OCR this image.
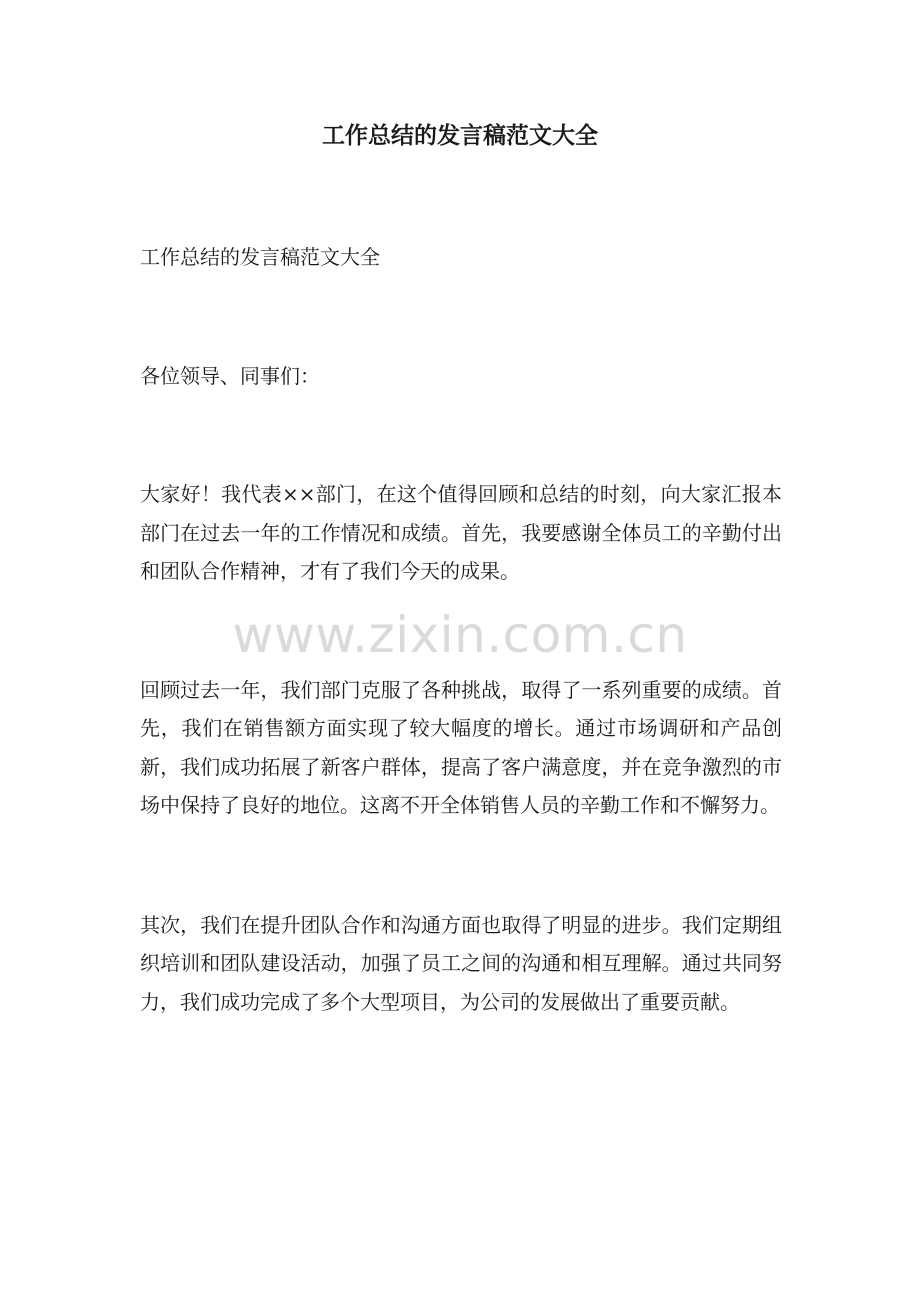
工作总结的发言稿范文大全

工作总结的发言稿范文大全

各位领导、同事们：

大家好！我代表××部门，在这个值得回顾和总结的时刻，向大家汇报本部门在过去一年的工作情况和成绩。首先，我要感谢全体员工的辛勤付出和团队合作精神，才有了我们今天的成果。

回顾过去一年，我们部门克服了各种挑战，取得了一系列重要的成绩。首先，我们在销售额方面实现了较大幅度的增长。通过市场调研和产品创新，我们成功拓展了新客户群体，提高了客户满意度，并在竞争激烈的市场中保持了良好的地位。这离不开全体销售人员的辛勤工作和不懈努力。

其次，我们在提升团队合作和沟通方面也取得了明显的进步。我们定期组织培训和团队建设活动，加强了员工之间的沟通和相互理解。通过共同努力，我们成功完成了多个大型项目，为公司的发展做出了重要贡献。

www.zixin.com.cn
